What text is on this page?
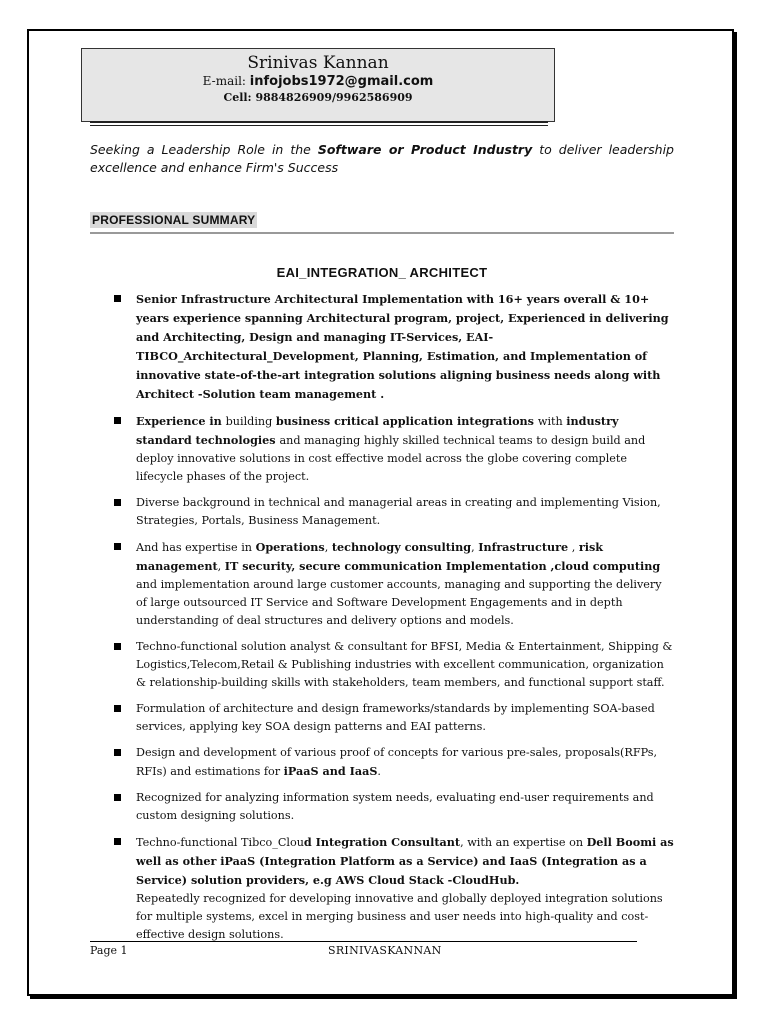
Srinivas Kannan
E-mail: infojobs1972@gmail.com
Cell: 9884826909/9962586909
Seeking a Leadership Role in the Software or Product Industry to deliver leadership excellence and enhance Firm's Success
PROFESSIONAL SUMMARY
EAI_INTEGRATION_ ARCHITECT
Senior Infrastructure Architectural Implementation with 16+ years overall & 10+ years experience spanning Architectural program, project, Experienced in delivering and Architecting, Design and managing IT-Services, EAI-TIBCO_Architectural_Development, Planning, Estimation, and Implementation of innovative state-of-the-art integration solutions aligning business needs along with Architect -Solution team management .
Experience in building business critical application integrations with industry standard technologies and managing highly skilled technical teams to design build and deploy innovative solutions in cost effective model across the globe covering complete lifecycle phases of the project.
Diverse background in technical and managerial areas in creating and implementing Vision, Strategies, Portals, Business Management.
And has expertise in Operations, technology consulting, Infrastructure , risk management, IT security, secure communication Implementation ,cloud computing and implementation around large customer accounts, managing and supporting the delivery of large outsourced IT Service and Software Development Engagements and in depth understanding of deal structures and delivery options and models.
Techno-functional solution analyst & consultant for BFSI, Media & Entertainment, Shipping & Logistics,Telecom,Retail & Publishing industries with excellent communication, organization & relationship-building skills with stakeholders, team members, and functional support staff.
Formulation of architecture and design frameworks/standards by implementing SOA-based services, applying key SOA design patterns and EAI patterns.
Design and development of various proof of concepts for various pre-sales, proposals(RFPs, RFIs) and estimations for iPaaS and IaaS.
Recognized for analyzing information system needs, evaluating end-user requirements and custom designing solutions.
Techno-functional Tibco_Cloud Integration Consultant, with an expertise on Dell Boomi as well as other iPaaS (Integration Platform as a Service) and IaaS (Integration as a Service) solution providers, e.g AWS Cloud Stack -CloudHub.
Repeatedly recognized for developing innovative and globally deployed integration solutions for multiple systems, excel in merging business and user needs into high-quality and cost-effective design solutions.
Page 1	SRINIVASKANNAN
